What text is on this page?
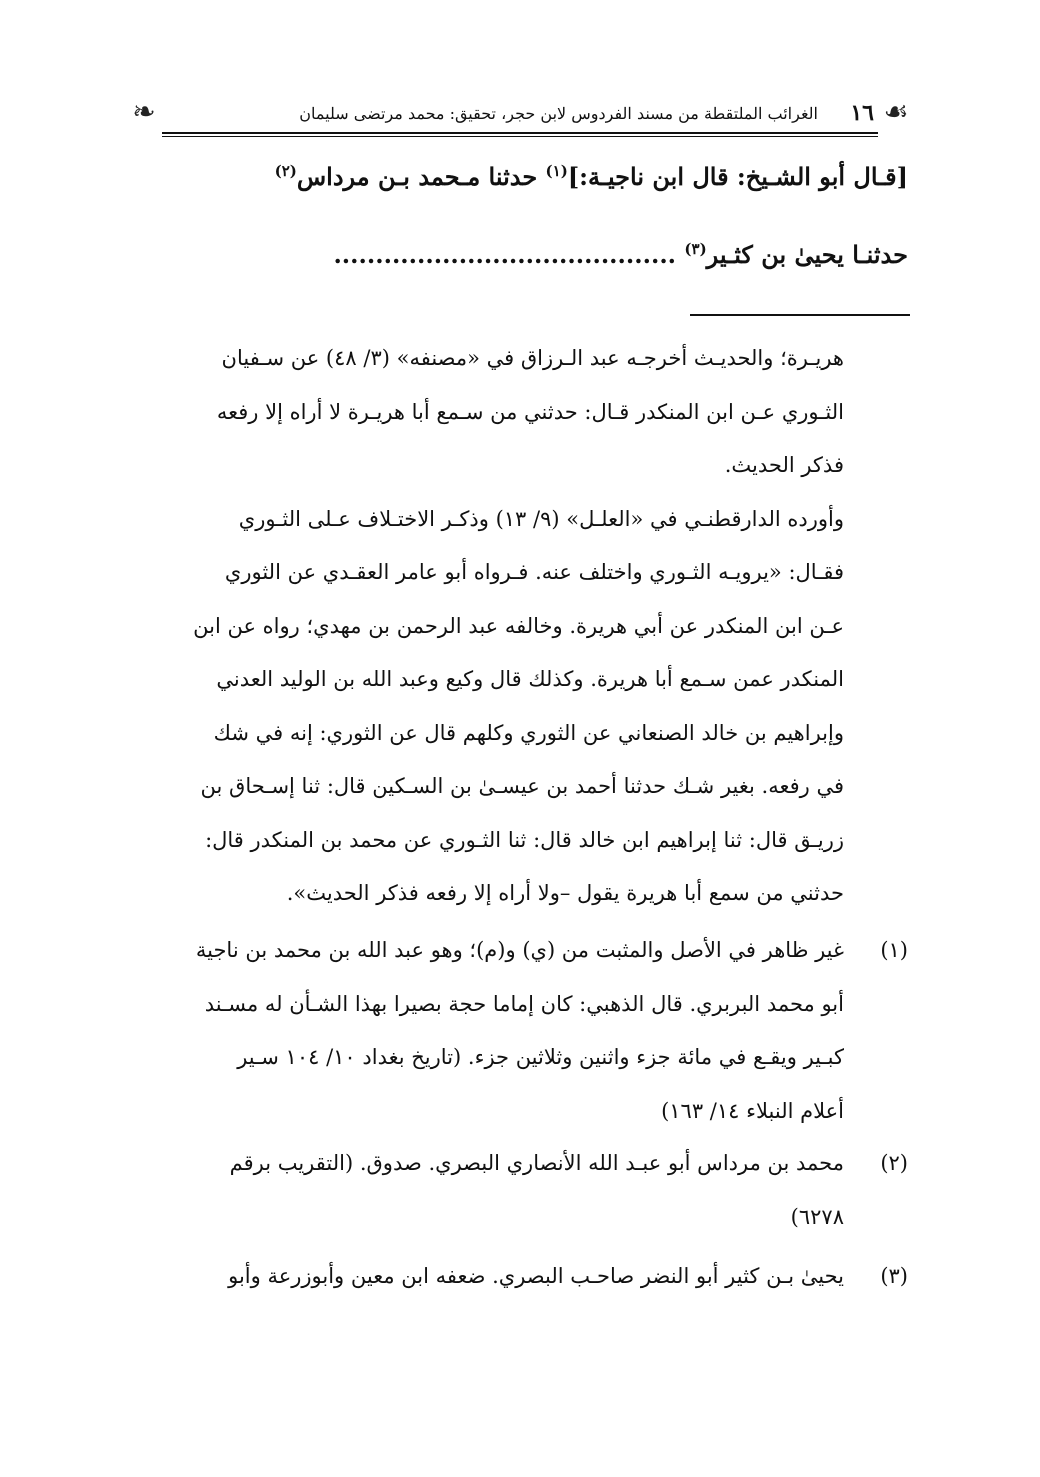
☙
١٦
الغرائب الملتقطة من مسند الفردوس لابن حجر، تحقيق: محمد مرتضى سليمان
❧
[قـال أبو الشـيخ: قال ابن ناجيـة:]$^{(١)}$ حدثنا مـحمد بـن مرداس$^{(٢)}$
حدثنـا يحيىٰ بن كثـير$^{(٣)}$ .........................................

هريـرة؛ والحديـث أخرجـه عبد الـرزاق في «مصنفه» (٣/ ٤٨) عن سـفيان

الثـوري عـن ابن المنكدر قـال: حدثني من سـمع أبا هريـرة لا أراه إلا رفعه

فذكر الحديث.

وأورده الدارقطنـي في «العلـل» (٩/ ١٣) وذكـر الاختـلاف عـلى الثـوري

فقـال: «يرويـه الثـوري واختلف عنه. فـرواه أبو عامر العقـدي عن الثوري

عـن ابن المنكدر عن أبي هريرة. وخالفه عبد الرحمن بن مهدي؛ رواه عن ابن

المنكدر عمن سـمع أبا هريرة. وكذلك قال وكيع وعبد الله بن الوليد العدني

وإبراهيم بن خالد الصنعاني عن الثوري وكلهم قال عن الثوري: إنه في شك

في رفعه. بغير شـك حدثنا أحمد بن عيسـىٰ بن السـكين قال: ثنا إسـحاق بن

زريـق قال: ثنا إبراهيم ابن خالد قال: ثنا الثـوري عن محمد بن المنكدر قال:

حدثني من سمع أبا هريرة يقول –ولا أراه إلا رفعه فذكر الحديث».

(١)

غير ظاهر في الأصل والمثبت من (ي) و(م)؛ وهو عبد الله بن محمد بن ناجية

أبو محمد البربري. قال الذهبي: كان إماما حجة بصيرا بهذا الشـأن له مسـند

كبـير ويقـع في مائة جزء واثنين وثلاثين جزء. (تاريخ بغداد ١٠/ ١٠٤ سـير

أعلام النبلاء ١٤/ ١٦٣)

(٢)

محمد بن مرداس أبو عبـد الله الأنصاري البصري. صدوق. (التقريب برقم

٦٢٧٨)

(٣)

يحيىٰ بـن كثير أبو النضر صاحـب البصري. ضعفه ابن معين وأبوزرعة وأبو
